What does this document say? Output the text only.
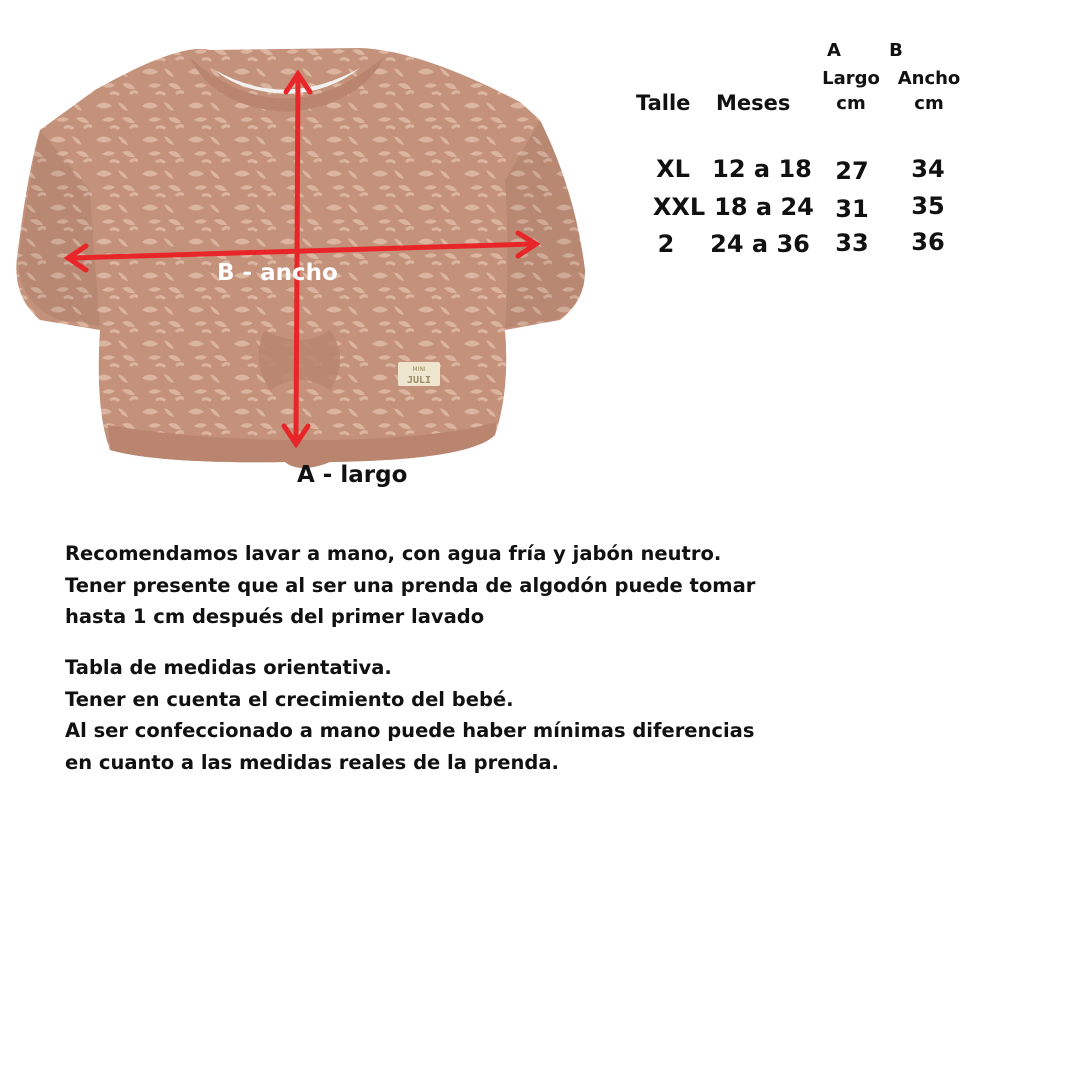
MINI
JULI
B - ancho
A - largo
A	B
Largo
cm
Ancho
cm
Talle Meses
XL 12 a 18 27 34
XXL 18 a 24 31 35
2 24 a 36 33 36

Recomendamos lavar a mano, con agua fría y jabón neutro.

Tener presente que al ser una prenda de algodón puede tomar

hasta 1 cm después del primer lavado

Tabla de medidas orientativa.

Tener en cuenta el crecimiento del bebé.

Al ser confeccionado a mano puede haber mínimas diferencias

en cuanto a las medidas reales de la prenda.
